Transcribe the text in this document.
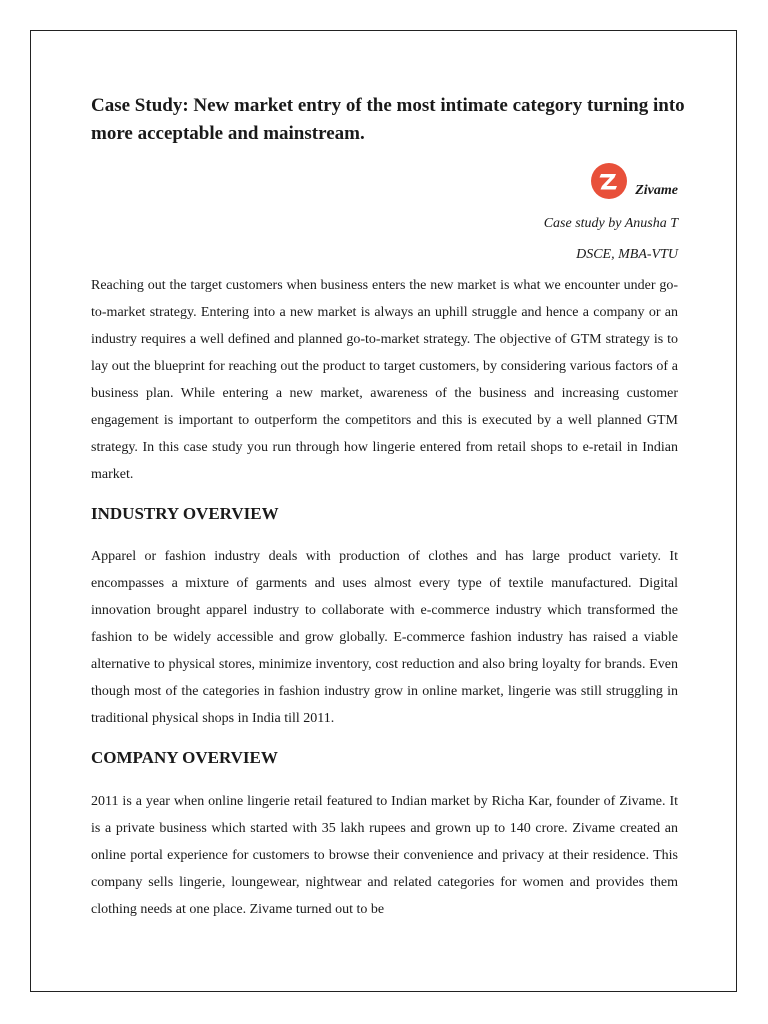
Case Study: New market entry of the most intimate category turning into more acceptable and mainstream.
Zivame
Case study by Anusha T
DSCE, MBA-VTU

Reaching out the target customers when business enters the new market is what we encounter under go-to-market strategy. Entering into a new market is always an uphill struggle and hence a company or an industry requires a well defined and planned go-to-market strategy. The objective of GTM strategy is to lay out the blueprint for reaching out the product to target customers, by considering various factors of a business plan. While entering a new market, awareness of the business and increasing customer engagement is important to outperform the competitors and this is executed by a well planned GTM strategy. In this case study you run through how lingerie entered from retail shops to e-retail in Indian market.

INDUSTRY OVERVIEW

Apparel or fashion industry deals with production of clothes and has large product variety. It encompasses a mixture of garments and uses almost every type of textile manufactured. Digital innovation brought apparel industry to collaborate with e-commerce industry which transformed the fashion to be widely accessible and grow globally. E-commerce fashion industry has raised a viable alternative to physical stores, minimize inventory, cost reduction and also bring loyalty for brands. Even though most of the categories in fashion industry grow in online market, lingerie was still struggling in traditional physical shops in India till 2011.

COMPANY OVERVIEW

2011 is a year when online lingerie retail featured to Indian market by Richa Kar, founder of Zivame. It is a private business which started with 35 lakh rupees and grown up to 140 crore. Zivame created an online portal experience for customers to browse their convenience and privacy at their residence. This company sells lingerie, loungewear, nightwear and related categories for women and provides them clothing needs at one place. Zivame turned out to be
